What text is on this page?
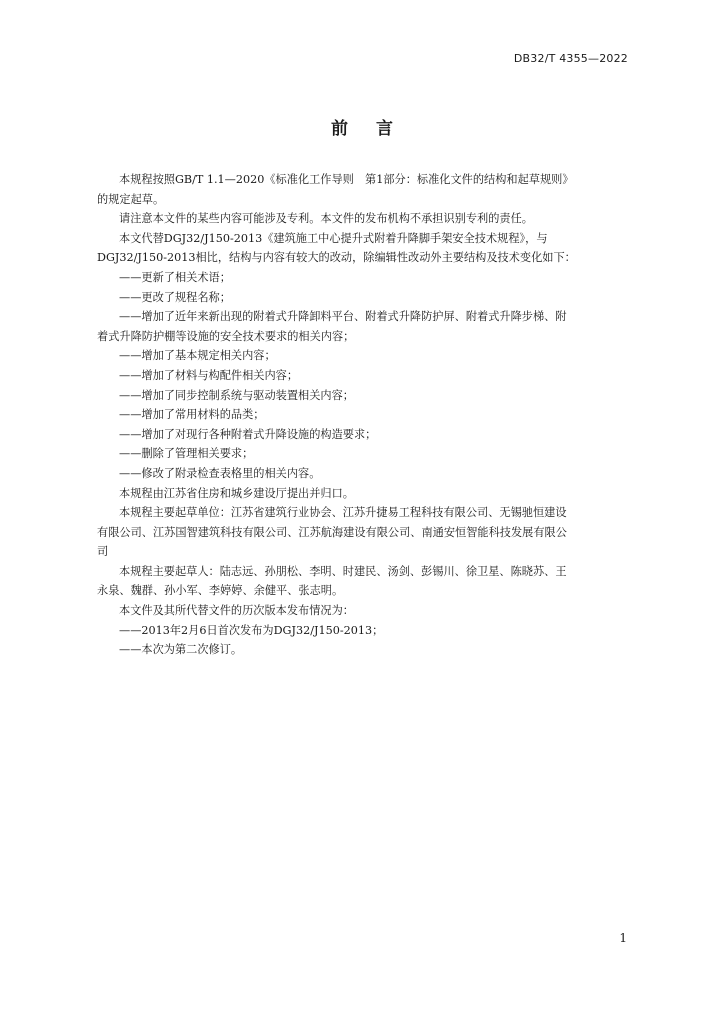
DB32/T 4355—2022
前 言
本规程按照GB/T 1.1—2020《标准化工作导则　第1部分：标准化文件的结构和起草规则》
的规定起草。
请注意本文件的某些内容可能涉及专利。本文件的发布机构不承担识别专利的责任。
本文代替DGJ32/J150-2013《建筑施工中心提升式附着升降脚手架安全技术规程》，与
DGJ32/J150-2013相比，结构与内容有较大的改动，除编辑性改动外主要结构及技术变化如下：
——更新了相关术语；
——更改了规程名称；
——增加了近年来新出现的附着式升降卸料平台、附着式升降防护屏、附着式升降步梯、附
着式升降防护棚等设施的安全技术要求的相关内容；
——增加了基本规定相关内容；
——增加了材料与构配件相关内容；
——增加了同步控制系统与驱动装置相关内容；
——增加了常用材料的品类；
——增加了对现行各种附着式升降设施的构造要求；
——删除了管理相关要求；
——修改了附录检查表格里的相关内容。
本规程由江苏省住房和城乡建设厅提出并归口。
本规程主要起草单位：江苏省建筑行业协会、江苏升捷易工程科技有限公司、无锡驰恒建设
有限公司、江苏国智建筑科技有限公司、江苏航海建设有限公司、南通安恒智能科技发展有限公
司
本规程主要起草人：陆志远、孙朋松、李明、时建民、汤剑、彭锡川、徐卫星、陈晓苏、王
永泉、魏群、孙小军、李婷婷、余健平、张志明。
本文件及其所代替文件的历次版本发布情况为：
——2013年2月6日首次发布为DGJ32/J150-2013；
——本次为第二次修订。
1
